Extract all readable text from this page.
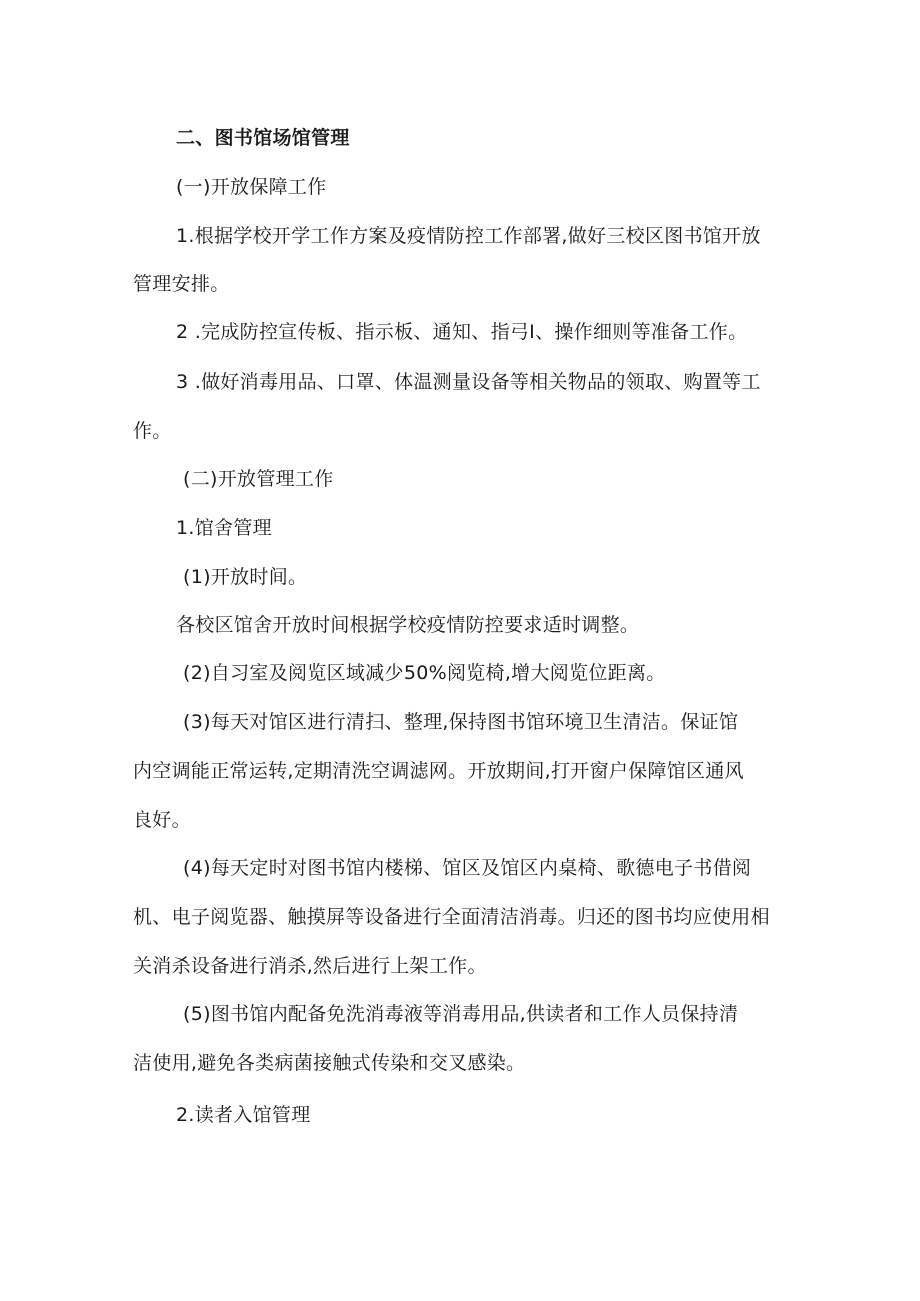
二、图书馆场馆管理
(一)开放保障工作
1.根据学校开学工作方案及疫情防控工作部署,做好三校区图书馆开放
管理安排。
2 .完成防控宣传板、指示板、通知、指弓I、操作细则等准备工作。
3 .做好消毒用品、口罩、体温测量设备等相关物品的领取、购置等工
作。
(二)开放管理工作
1.馆舍管理
(1)开放时间。
各校区馆舍开放时间根据学校疫情防控要求适时调整。
(2)自习室及阅览区域减少50%阅览椅,增大阅览位距离。
(3)每天对馆区进行清扫、整理,保持图书馆环境卫生清洁。保证馆
内空调能正常运转,定期清洗空调滤网。开放期间,打开窗户保障馆区通风
良好。
(4)每天定时对图书馆内楼梯、馆区及馆区内桌椅、歌德电子书借阅
机、电子阅览器、触摸屏等设备进行全面清洁消毒。归还的图书均应使用相
关消杀设备进行消杀,然后进行上架工作。
(5)图书馆内配备免洗消毒液等消毒用品,供读者和工作人员保持清
洁使用,避免各类病菌接触式传染和交叉感染。
2.读者入馆管理
